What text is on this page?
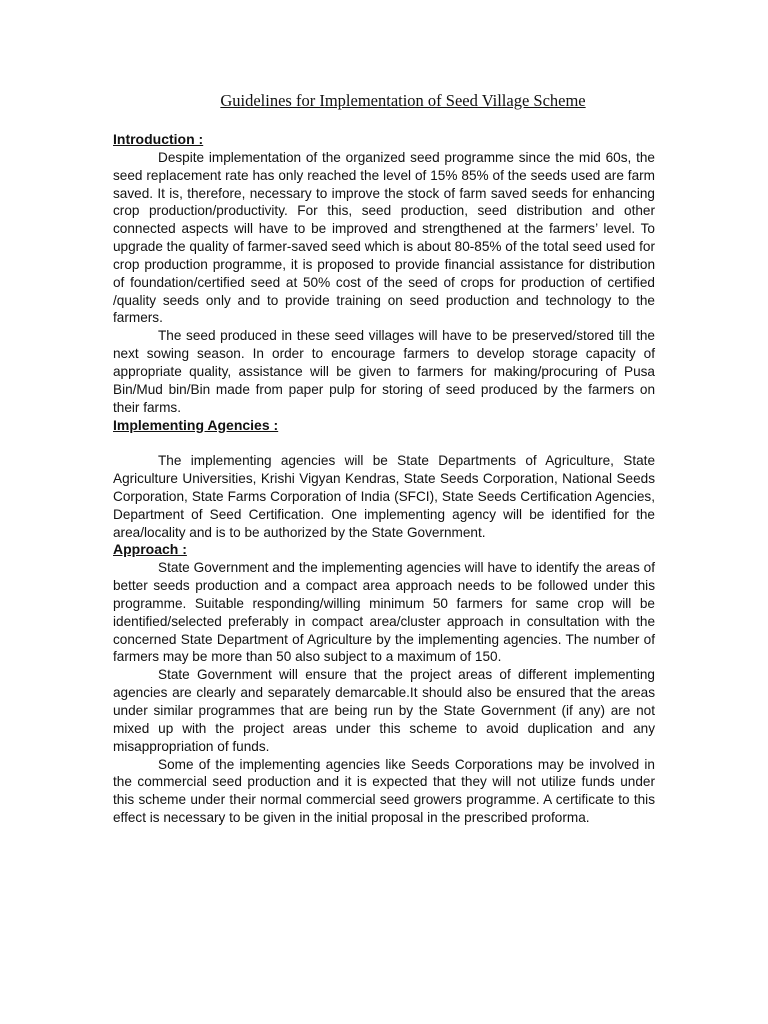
Guidelines for Implementation of Seed Village Scheme

Introduction :

Despite implementation of the organized seed programme since the mid 60s, the seed replacement rate has only reached the level of 15% 85% of the seeds used are farm saved. It is, therefore, necessary to improve the stock of farm saved seeds for enhancing crop production/productivity. For this, seed production, seed distribution and other connected aspects will have to be improved and strengthened at the farmers’ level. To upgrade the quality of farmer-saved seed which is about 80-85% of the total seed used for crop production programme, it is proposed to provide financial assistance for distribution of foundation/certified seed at 50% cost of the seed of crops for production of certified /quality seeds only and to provide training on seed production and technology to the farmers.

The seed produced in these seed villages will have to be preserved/stored till the next sowing season. In order to encourage farmers to develop storage capacity of appropriate quality, assistance will be given to farmers for making/procuring of Pusa Bin/Mud bin/Bin made from paper pulp for storing of seed produced by the farmers on their farms.

Implementing Agencies :

The implementing agencies will be State Departments of Agriculture, State Agriculture Universities, Krishi Vigyan Kendras, State Seeds Corporation, National Seeds Corporation, State Farms Corporation of India (SFCI), State Seeds Certification Agencies, Department of Seed Certification. One implementing agency will be identified for the area/locality and is to be authorized by the State Government.

Approach :

State Government and the implementing agencies will have to identify the areas of better seeds production and a compact area approach needs to be followed under this programme. Suitable responding/willing minimum 50 farmers for same crop will be identified/selected preferably in compact area/cluster approach in consultation with the concerned State Department of Agriculture by the implementing agencies. The number of farmers may be more than 50 also subject to a maximum of 150.

State Government will ensure that the project areas of different implementing agencies are clearly and separately demarcable.It should also be ensured that the areas under similar programmes that are being run by the State Government (if any) are not mixed up with the project areas under this scheme to avoid duplication and any misappropriation of funds.

Some of the implementing agencies like Seeds Corporations may be involved in the commercial seed production and it is expected that they will not utilize funds under this scheme under their normal commercial seed growers programme. A certificate to this effect is necessary to be given in the initial proposal in the prescribed proforma.
